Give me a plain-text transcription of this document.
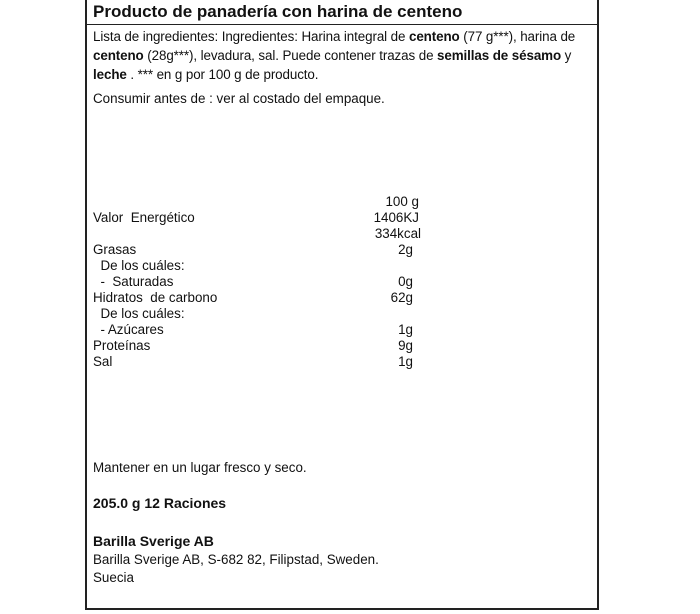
Producto de panadería con harina de centeno
Lista de ingredientes: Ingredientes: Harina integral de centeno (77 g***), harina de centeno (28g***), levadura, sal. Puede contener trazas de semillas de sésamo y leche . *** en g por 100 g de producto.
Consumir antes de : ver al costado del empaque.
100 g
Valor  Energético	1406KJ
334kcal
Grasas	2g
De los cuáles:
-  Saturadas	0g
Hidratos  de carbono	62g
De los cuáles:
- Azúcares	1g
Proteínas	9g
Sal	1g
Mantener en un lugar fresco y seco.
205.0 g 12 Raciones
Barilla Sverige AB
Barilla Sverige AB, S-682 82, Filipstad, Sweden.
Suecia
